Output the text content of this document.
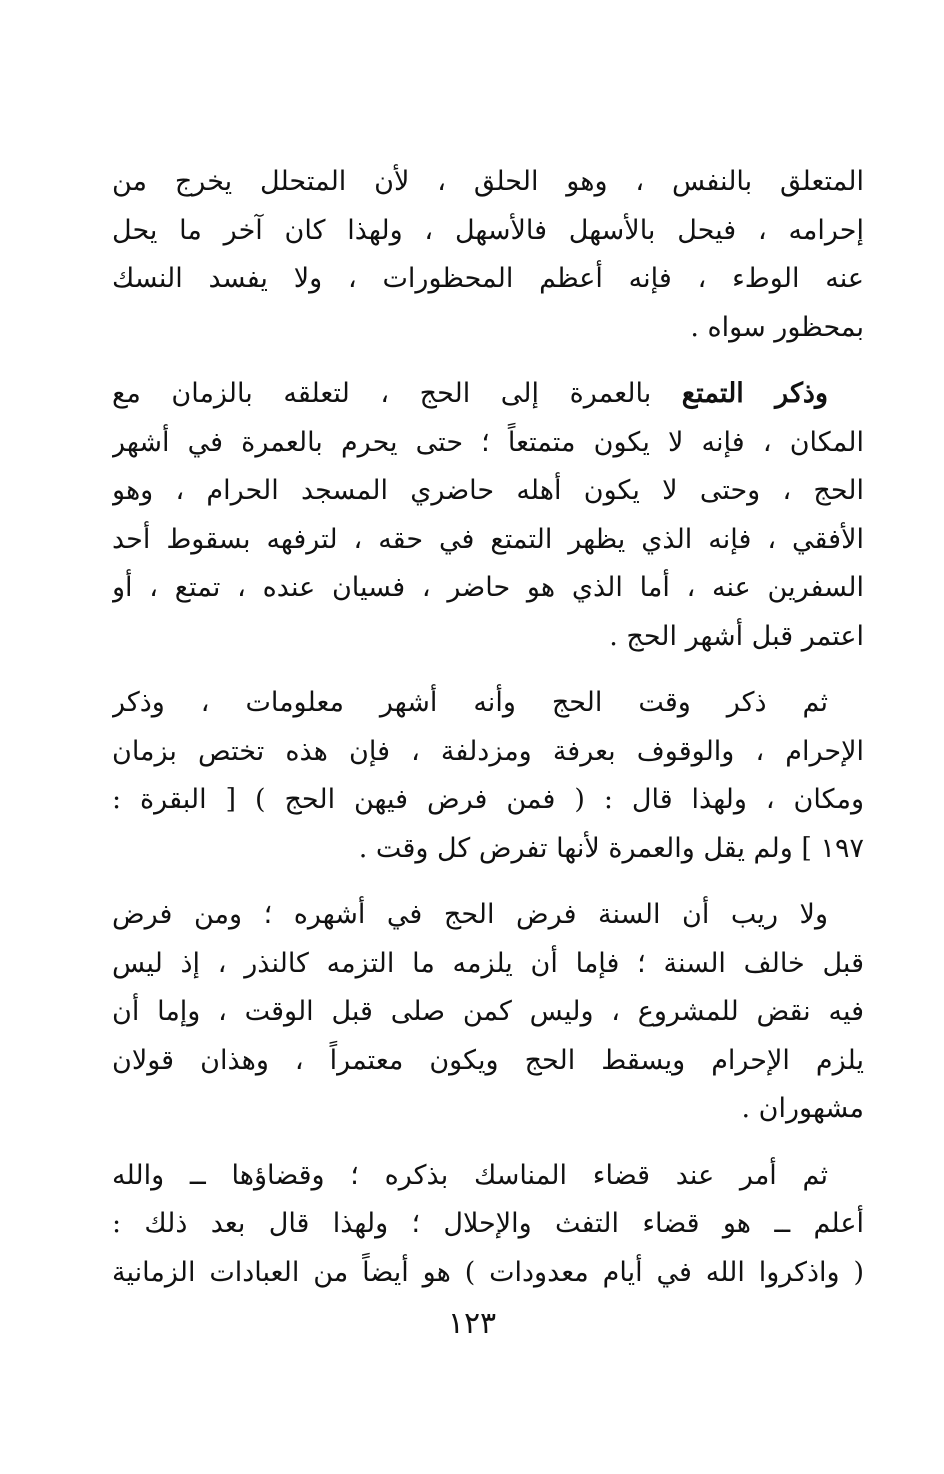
المتعلق بالنفس ، وهو الحلق ، لأن المتحلل يخرج من
إحرامه ، فيحل بالأسهل فالأسهل ، ولهذا كان آخر ما يحل
عنه الوطء ، فإنه أعظم المحظورات ، ولا يفسد النسك
بمحظور سواه .
وذكر التمتع بالعمرة إلى الحج ، لتعلقه بالزمان مع
المكان ، فإنه لا يكون متمتعاً ؛ حتى يحرم بالعمرة في أشهر
الحج ، وحتى لا يكون أهله حاضري المسجد الحرام ، وهو
الأفقي ، فإنه الذي يظهر التمتع في حقه ، لترفهه بسقوط أحد
السفرين عنه ، أما الذي هو حاضر ، فسيان عنده ، تمتع ، أو
اعتمر قبل أشهر الحج .
ثم ذكر وقت الحج وأنه أشهر معلومات ، وذكر
الإحرام ، والوقوف بعرفة ومزدلفة ، فإن هذه تختص بزمان
ومكان ، ولهذا قال : ( فمن فرض فيهن الحج ) [ البقرة :
١٩٧ ] ولم يقل والعمرة لأنها تفرض كل وقت .
ولا ريب أن السنة فرض الحج في أشهره ؛ ومن فرض
قبل خالف السنة ؛ فإما أن يلزمه ما التزمه كالنذر ، إذ ليس
فيه نقض للمشروع ، وليس كمن صلى قبل الوقت ، وإما أن
يلزم الإحرام ويسقط الحج ويكون معتمراً ، وهذان قولان
مشهوران .
ثم أمر عند قضاء المناسك بذكره ؛ وقضاؤها ــ والله
أعلم ــ هو قضاء التفث والإحلال ؛ ولهذا قال بعد ذلك :
( واذكروا الله في أيام معدودات ) هو أيضاً من العبادات الزمانية
١٢٣
